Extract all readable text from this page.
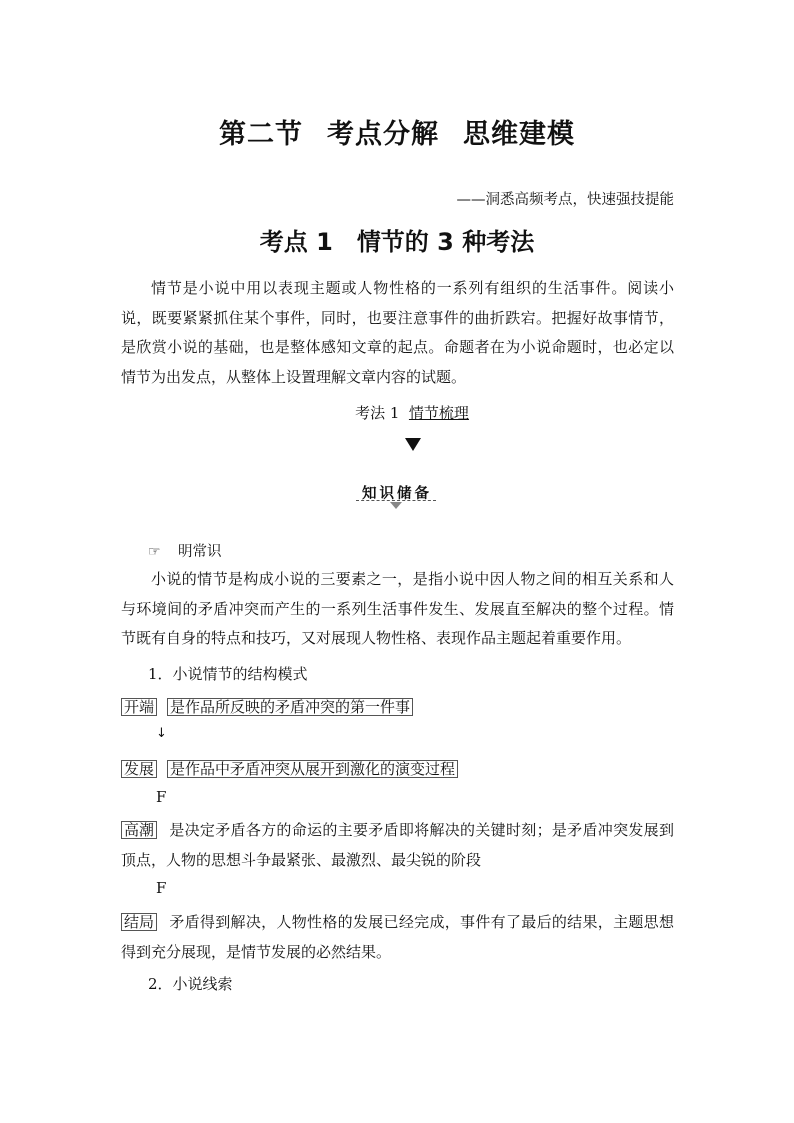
第二节 考点分解 思维建模
——洞悉高频考点，快速强技提能
考点 1 情节的 3 种考法
情节是小说中用以表现主题或人物性格的一系列有组织的生活事件。阅读小说，既要紧紧抓住某个事件，同时，也要注意事件的曲折跌宕。把握好故事情节，是欣赏小说的基础，也是整体感知文章的起点。命题者在为小说命题时，也必定以情节为出发点，从整体上设置理解文章内容的试题。
考法 1 情节梳理
知识储备
☞ 明常识
小说的情节是构成小说的三要素之一，是指小说中因人物之间的相互关系和人与环境间的矛盾冲突而产生的一系列生活事件发生、发展直至解决的整个过程。情节既有自身的特点和技巧，又对展现人物性格、表现作品主题起着重要作用。
1．小说情节的结构模式
开端 是作品所反映的矛盾冲突的第一件事
↓
发展 是作品中矛盾冲突从展开到激化的演变过程
F
高潮 是决定矛盾各方的命运的主要矛盾即将解决的关键时刻；是矛盾冲突发展到顶点，人物的思想斗争最紧张、最激烈、最尖锐的阶段
F
结局 矛盾得到解决，人物性格的发展已经完成，事件有了最后的结果，主题思想得到充分展现，是情节发展的必然结果。
2．小说线索
